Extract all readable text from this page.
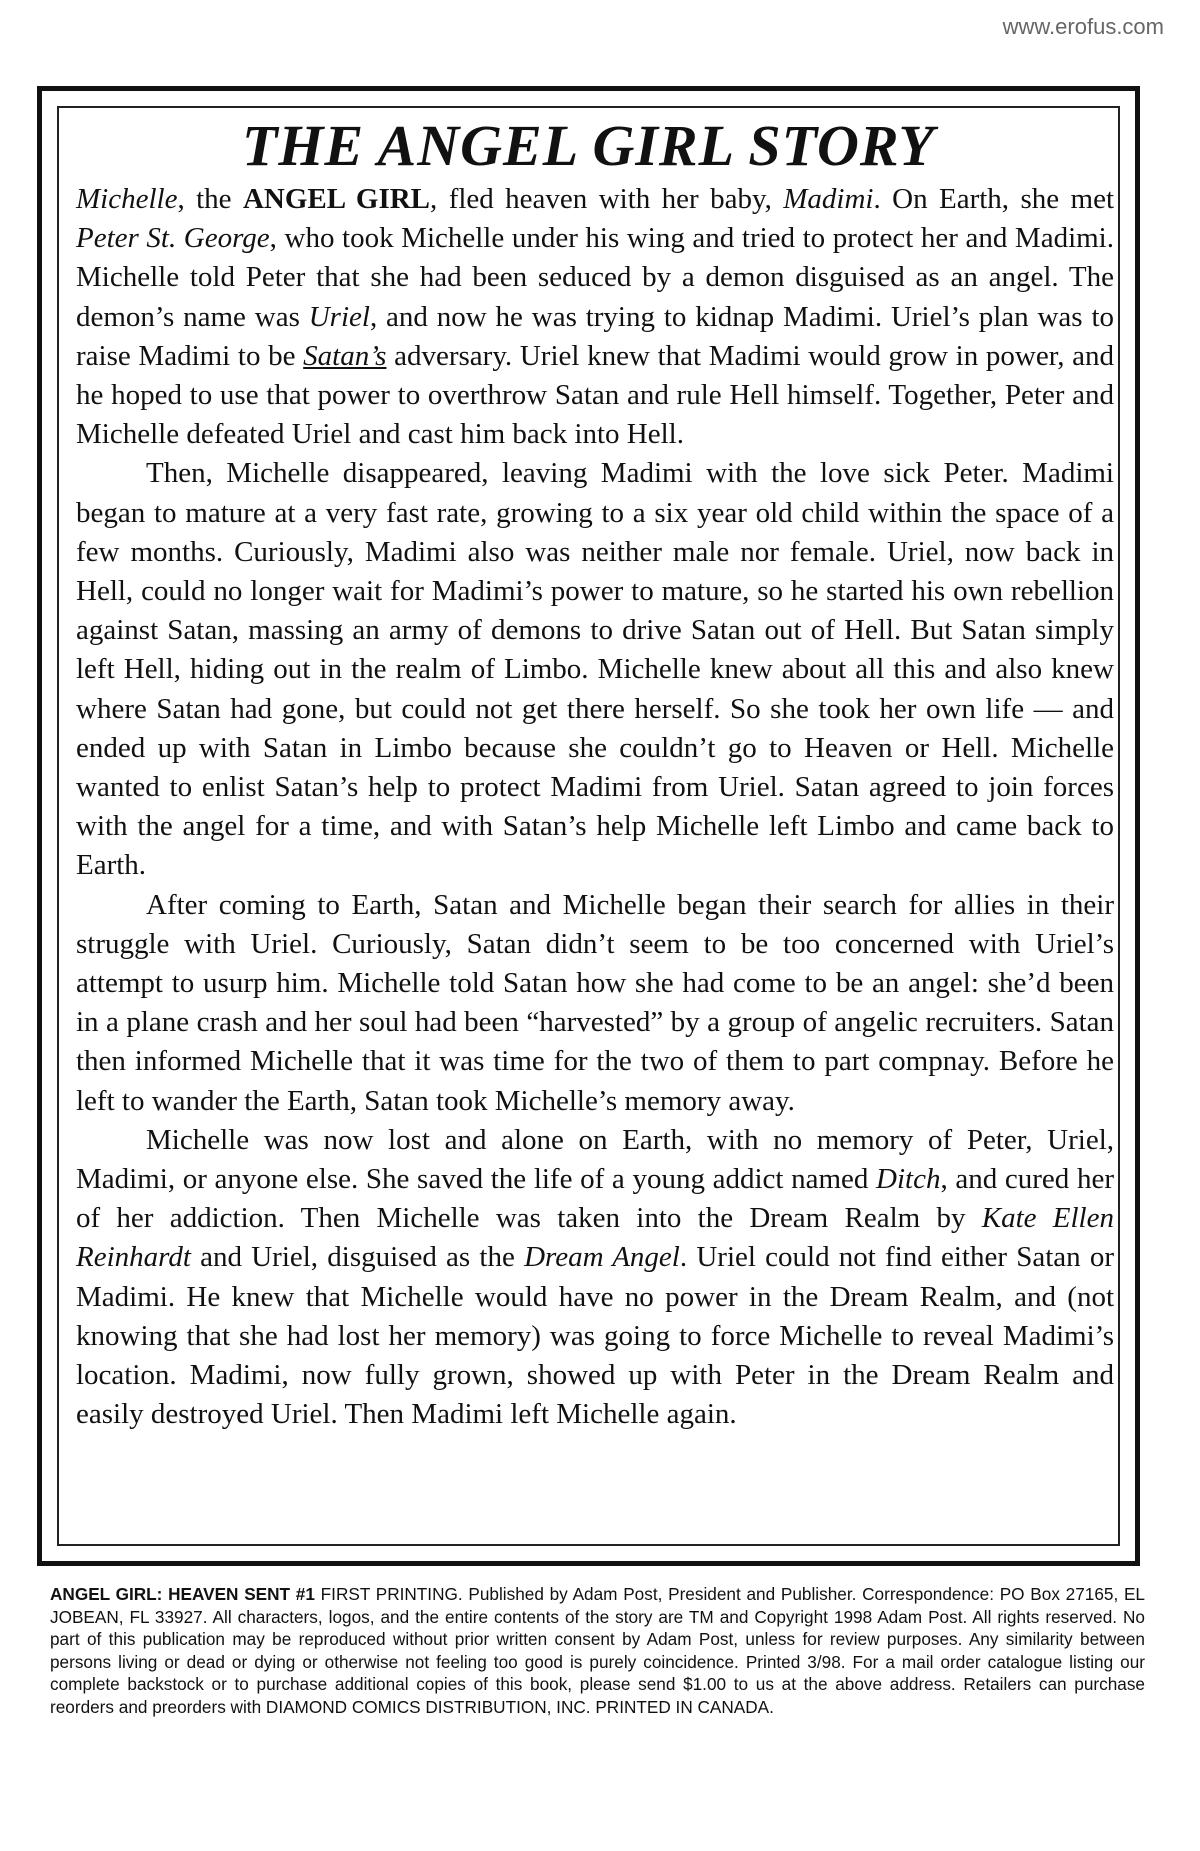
www.erofus.com
THE ANGEL GIRL STORY

Michelle, the ANGEL GIRL, fled heaven with her baby, Madimi. On Earth, she met Peter St. George, who took Michelle under his wing and tried to protect her and Madimi. Michelle told Peter that she had been seduced by a demon disguised as an angel. The demon’s name was Uriel, and now he was trying to kidnap Madimi. Uriel’s plan was to raise Madimi to be Satan’s adversary. Uriel knew that Madimi would grow in power, and he hoped to use that power to overthrow Satan and rule Hell himself. Together, Peter and Michelle defeated Uriel and cast him back into Hell.

Then, Michelle disappeared, leaving Madimi with the love sick Peter. Madimi began to mature at a very fast rate, growing to a six year old child within the space of a few months. Curiously, Madimi also was neither male nor female. Uriel, now back in Hell, could no longer wait for Madimi’s power to mature, so he started his own rebellion against Satan, massing an army of demons to drive Satan out of Hell. But Satan simply left Hell, hiding out in the realm of Limbo. Michelle knew about all this and also knew where Satan had gone, but could not get there herself. So she took her own life — and ended up with Satan in Limbo because she couldn’t go to Heaven or Hell. Michelle wanted to enlist Satan’s help to protect Madimi from Uriel. Satan agreed to join forces with the angel for a time, and with Satan’s help Michelle left Limbo and came back to Earth.

After coming to Earth, Satan and Michelle began their search for allies in their struggle with Uriel. Curiously, Satan didn’t seem to be too concerned with Uriel’s attempt to usurp him. Michelle told Satan how she had come to be an angel: she’d been in a plane crash and her soul had been “harvested” by a group of angelic recruiters. Satan then informed Michelle that it was time for the two of them to part compnay. Before he left to wander the Earth, Satan took Michelle’s memory away.

Michelle was now lost and alone on Earth, with no memory of Peter, Uriel, Madimi, or anyone else. She saved the life of a young addict named Ditch, and cured her of her addiction. Then Michelle was taken into the Dream Realm by Kate Ellen Reinhardt and Uriel, disguised as the Dream Angel. Uriel could not find either Satan or Madimi. He knew that Michelle would have no power in the Dream Realm, and (not knowing that she had lost her memory) was going to force Michelle to reveal Madimi’s location. Madimi, now fully grown, showed up with Peter in the Dream Realm and easily destroyed Uriel. Then Madimi left Michelle again.

ANGEL GIRL: HEAVEN SENT #1 FIRST PRINTING. Published by Adam Post, President and Publisher. Correspondence: PO Box 27165, EL JOBEAN, FL 33927. All characters, logos, and the entire contents of the story are TM and Copyright 1998 Adam Post. All rights reserved. No part of this publication may be reproduced without prior written consent by Adam Post, unless for review purposes. Any similarity between persons living or dead or dying or otherwise not feeling too good is purely coincidence. Printed 3/98. For a mail order catalogue listing our complete backstock or to purchase additional copies of this book, please send $1.00 to us at the above address. Retailers can purchase reorders and preorders with DIAMOND COMICS DISTRIBUTION, INC. PRINTED IN CANADA.
